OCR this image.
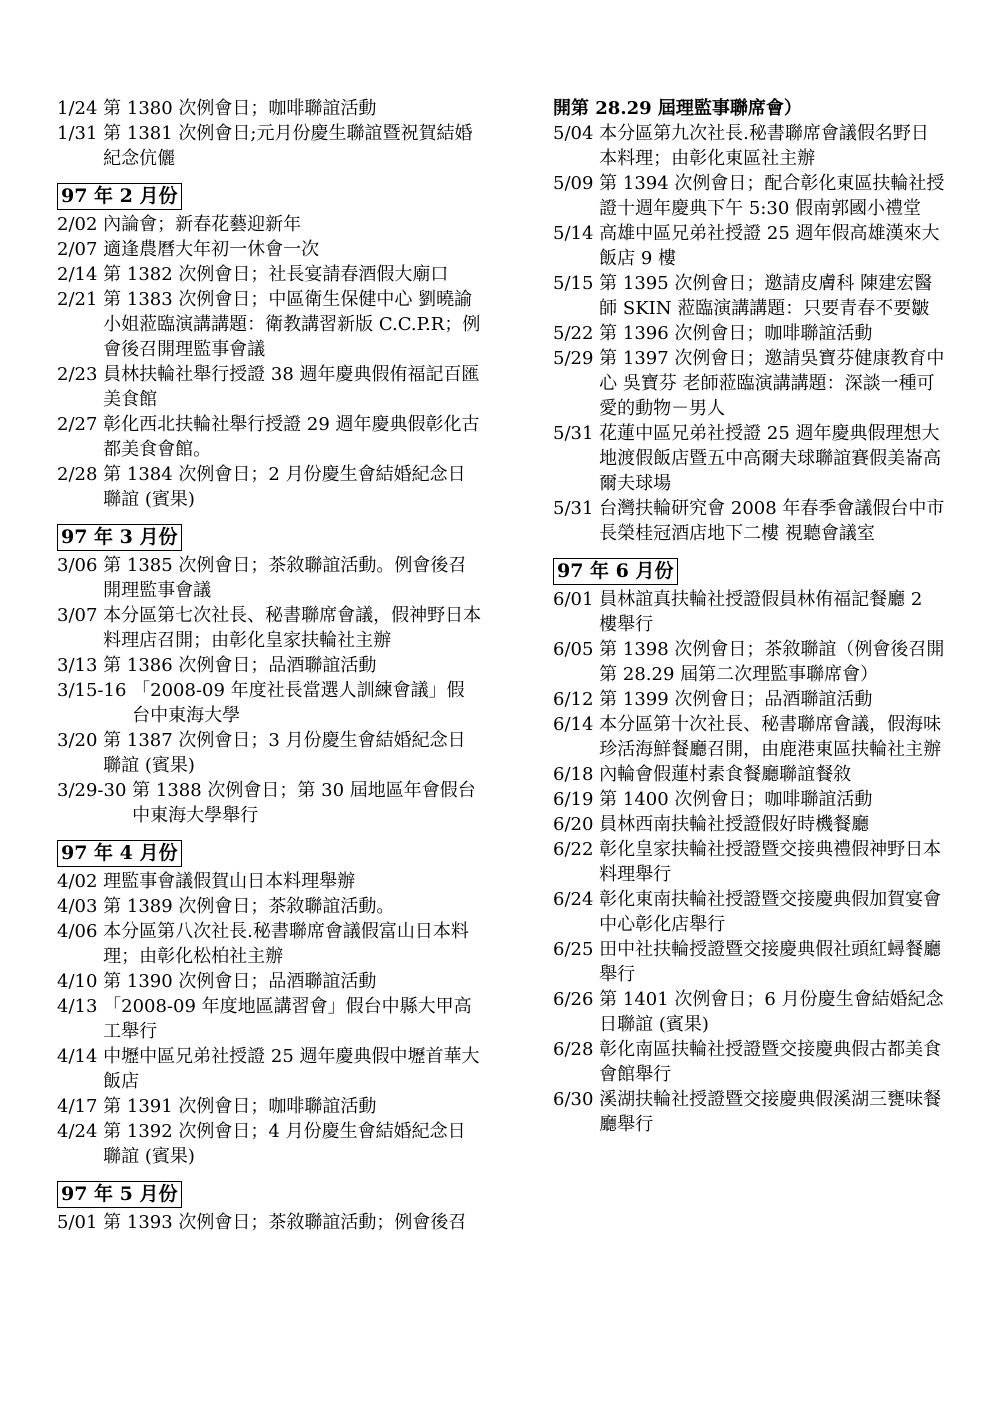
1/24
第 1380 次例會日；咖啡聯誼活動
1/31
第 1381 次例會日;元月份慶生聯誼暨祝賀結婚紀念伉儷
97 年 2 月份
2/02
內論會；新春花藝迎新年
2/07
適逢農曆大年初一休會一次
2/14
第 1382 次例會日；社長宴請春酒假大廟口
2/21
第 1383 次例會日；中區衛生保健中心 劉曉諭小姐蒞臨演講講題：衛教講習新版 C.C.P.R；例會後召開理監事會議
2/23
員林扶輪社舉行授證 38 週年慶典假侑福記百匯美食館
2/27
彰化西北扶輪社舉行授證 29 週年慶典假彰化古都美食會館。
2/28
第 1384 次例會日；2 月份慶生會結婚紀念日聯誼 (賓果)
97 年 3 月份
3/06
第 1385 次例會日；茶敘聯誼活動。例會後召開理監事會議
3/07
本分區第七次社長、秘書聯席會議，假神野日本料理店召開；由彰化皇家扶輪社主辦
3/13
第 1386 次例會日；品酒聯誼活動
3/15-16
「2008-09 年度社長當選人訓練會議」假台中東海大學
3/20
第 1387 次例會日；3 月份慶生會結婚紀念日聯誼 (賓果)
3/29-30
第 1388 次例會日；第 30 屆地區年會假台中東海大學舉行
97 年 4 月份
4/02
理監事會議假賀山日本料理舉辦
4/03
第 1389 次例會日；茶敘聯誼活動。
4/06
本分區第八次社長.秘書聯席會議假富山日本料理；由彰化松柏社主辦
4/10
第 1390 次例會日；品酒聯誼活動
4/13
「2008-09 年度地區講習會」假台中縣大甲高工舉行
4/14
中壢中區兄弟社授證 25 週年慶典假中壢首華大飯店
4/17
第 1391 次例會日；咖啡聯誼活動
4/24
第 1392 次例會日；4 月份慶生會結婚紀念日聯誼 (賓果)
97 年 5 月份
5/01
第 1393 次例會日；茶敘聯誼活動；例會後召
開第 28.29 屆理監事聯席會）
5/04
本分區第九次社長.秘書聯席會議假名野日本料理；由彰化東區社主辦
5/09
第 1394 次例會日；配合彰化東區扶輪社授證十週年慶典下午 5:30 假南郭國小禮堂
5/14
高雄中區兄弟社授證 25 週年假高雄漢來大飯店 9 樓
5/15
第 1395 次例會日；邀請皮膚科 陳建宏醫師 SKIN 蒞臨演講講題：只要青春不要皺
5/22
第 1396 次例會日；咖啡聯誼活動
5/29
第 1397 次例會日；邀請吳寶芬健康教育中心 吳寶芬 老師蒞臨演講講題：深談一種可愛的動物－男人
5/31
花蓮中區兄弟社授證 25 週年慶典假理想大地渡假飯店暨五中高爾夫球聯誼賽假美崙高爾夫球場
5/31
台灣扶輪研究會 2008 年春季會議假台中市長榮桂冠酒店地下二樓 視聽會議室
97 年 6 月份
6/01
員林誼真扶輪社授證假員林侑福記餐廳 2 樓舉行
6/05
第 1398 次例會日；茶敘聯誼（例會後召開第 28.29 屆第二次理監事聯席會）
6/12
第 1399 次例會日；品酒聯誼活動
6/14
本分區第十次社長、秘書聯席會議，假海味珍活海鮮餐廳召開，由鹿港東區扶輪社主辦
6/18
內輪會假蓮村素食餐廳聯誼餐敘
6/19
第 1400 次例會日；咖啡聯誼活動
6/20
員林西南扶輪社授證假好時機餐廳
6/22
彰化皇家扶輪社授證暨交接典禮假神野日本料理舉行
6/24
彰化東南扶輪社授證暨交接慶典假加賀宴會中心彰化店舉行
6/25
田中社扶輪授證暨交接慶典假社頭紅蟳餐廳舉行
6/26
第 1401 次例會日；6 月份慶生會結婚紀念日聯誼 (賓果)
6/28
彰化南區扶輪社授證暨交接慶典假古都美食會館舉行
6/30
溪湖扶輪社授證暨交接慶典假溪湖三甕味餐廳舉行
